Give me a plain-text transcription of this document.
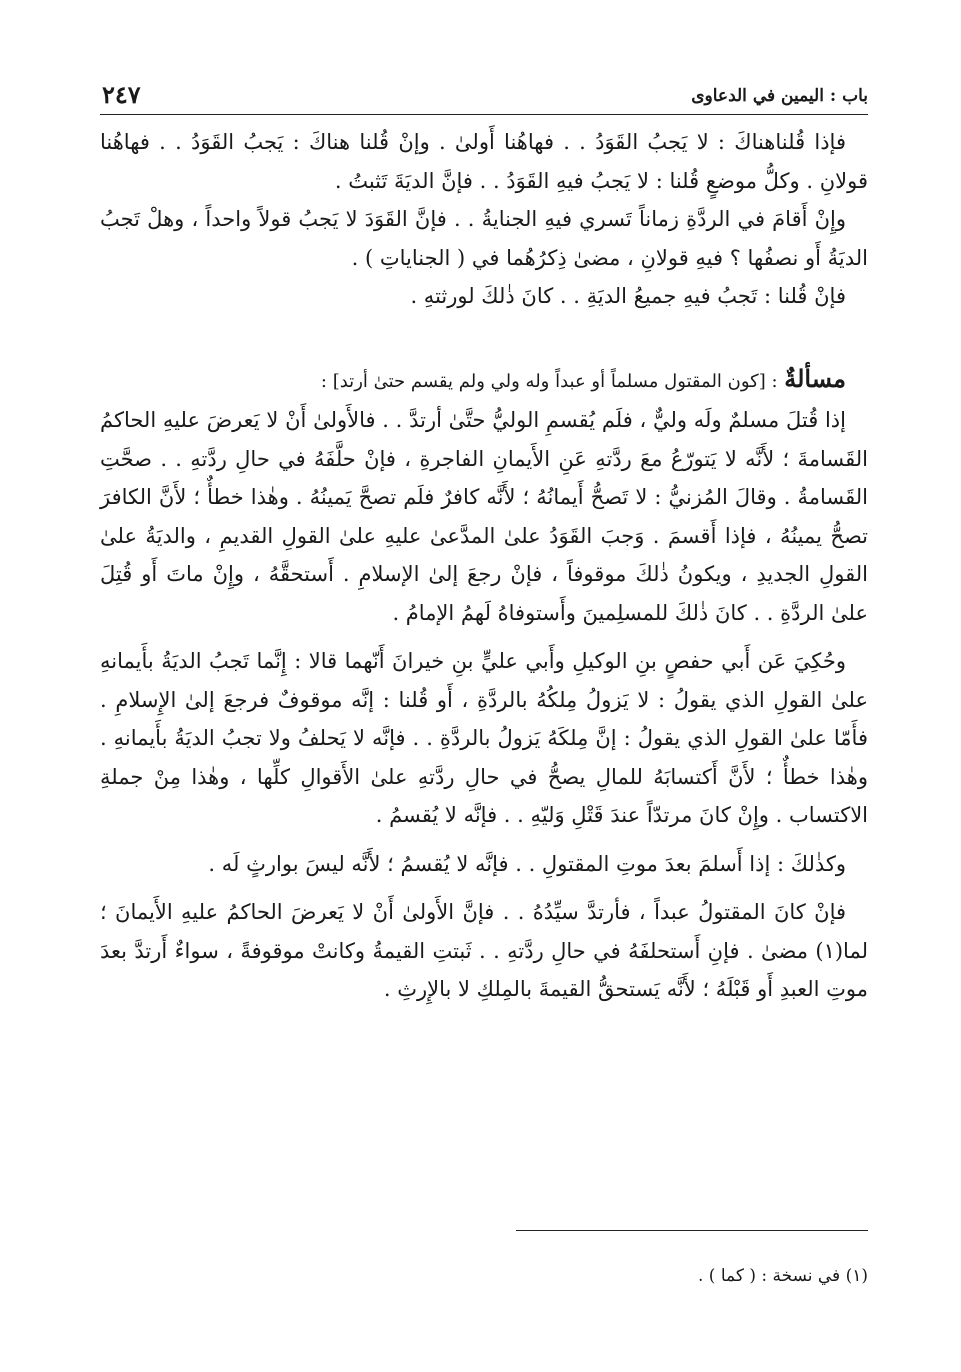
باب : اليمين في الدعاوى
٢٤٧

فإذا قُلناهناكَ : لا يَجبُ القَوَدُ . . فهاهُنا أَولىٰ . وإنْ قُلنا هناكَ : يَجبُ القَوَدُ . . فهاهُنا قولانِ . وكلُّ موضعٍ قُلنا : لا يَجبُ فيهِ القَوَدُ . . فإنَّ الديَةَ تَثبتُ .

وإِنْ أَقامَ في الردَّةِ زماناً تَسري فيهِ الجنايةُ . . فإنَّ القَوَدَ لا يَجبُ قولاً واحداً ، وهلْ تَجبُ الديَةُ أَو نصفُها ؟ فيهِ قولانِ ، مضىٰ ذِكرُهُما في ( الجناياتِ ) .

فإنْ قُلنا : تَجبُ فيهِ جميعُ الديَةِ . . كانَ ذٰلكَ لورثتهِ .

مسألةٌ : [كون المقتول مسلماً أو عبداً وله ولي ولم يقسم حتىٰ أرتد] :

إذا قُتلَ مسلمٌ ولَه وليٌّ ، فلَم يُقسمِ الوليُّ حتَّىٰ أرتدَّ . . فالأَولىٰ أَنْ لا يَعرضَ عليهِ الحاكمُ القَسامةَ ؛ لأَنَّه لا يَتورّعُ معَ ردَّتهِ عَنِ الأَيمانِ الفاجرةِ ، فإنْ حلَّفَهُ في حالِ ردَّتهِ . . صحَّتِ القَسامةُ . وقالَ المُزنيُّ : لا تَصحُّ أَيمانُهُ ؛ لأَنَّه كافرٌ فلَم تصحَّ يَمينُهُ . وهٰذا خطأٌ ؛ لأَنَّ الكافرَ تصحُّ يمينُهُ ، فإذا أَقسمَ . وَجبَ القَوَدُ علىٰ المدَّعىٰ عليهِ علىٰ القولِ القديمِ ، والديَةُ علىٰ القولِ الجديدِ ، ويكونُ ذٰلكَ موقوفاً ، فإنْ رجعَ إلىٰ الإسلامِ . أَستحقَّهُ ، وإِنْ ماتَ أَو قُتِلَ علىٰ الردَّةِ . . كانَ ذٰلكَ للمسلِمينَ وأَستوفاهُ لَهمُ الإمامُ .

وحُكِيَ عَن أَبي حفصٍ بنِ الوكيلِ وأَبي عليٍّ بنِ خيرانَ أَنّهما قالا : إِنَّما تَجبُ الديَةُ بأَيمانهِ علىٰ القولِ الذي يقولُ : لا يَزولُ مِلكُهُ بالردَّةِ ، أَو قُلنا : إنَّه موقوفٌ فرجعَ إلىٰ الإِسلامِ . فأَمّا علىٰ القولِ الذي يقولُ : إنَّ مِلكَهُ يَزولُ بالردَّةِ . . فإنَّه لا يَحلفُ ولا تجبُ الديَةُ بأَيمانهِ . وهٰذا خطأٌ ؛ لأَنَّ أَكتسابَهُ للمالِ يصحُّ في حالِ ردَّتهِ علىٰ الأَقوالِ كلِّها ، وهٰذا مِنْ جملةِ الاكتساب . وإِنْ كانَ مرتدّاً عندَ قَتْلِ وَليّهِ . . فإنَّه لا يُقسمُ .

وكذٰلكَ : إذا أَسلمَ بعدَ موتِ المقتولِ . . فإنَّه لا يُقسمُ ؛ لأَنَّه ليسَ بوارثٍ لَه .

فإنْ كانَ المقتولُ عبداً ، فأرتدَّ سيِّدُهُ . . فإنَّ الأَولىٰ أَنْ لا يَعرضَ الحاكمُ عليهِ الأَيمانَ ؛ لما(١) مضىٰ . فإنِ أَستحلفَهُ في حالِ ردَّتهِ . . ثَبتتِ القيمةُ وكانتْ موقوفةً ، سواءٌ أَرتدَّ بعدَ موتِ العبدِ أَو قَبْلَهُ ؛ لأَنَّه يَستحقُّ القيمةَ بالمِلكِ لا بالإِرثِ .

(١) في نسخة : ( كما ) .
